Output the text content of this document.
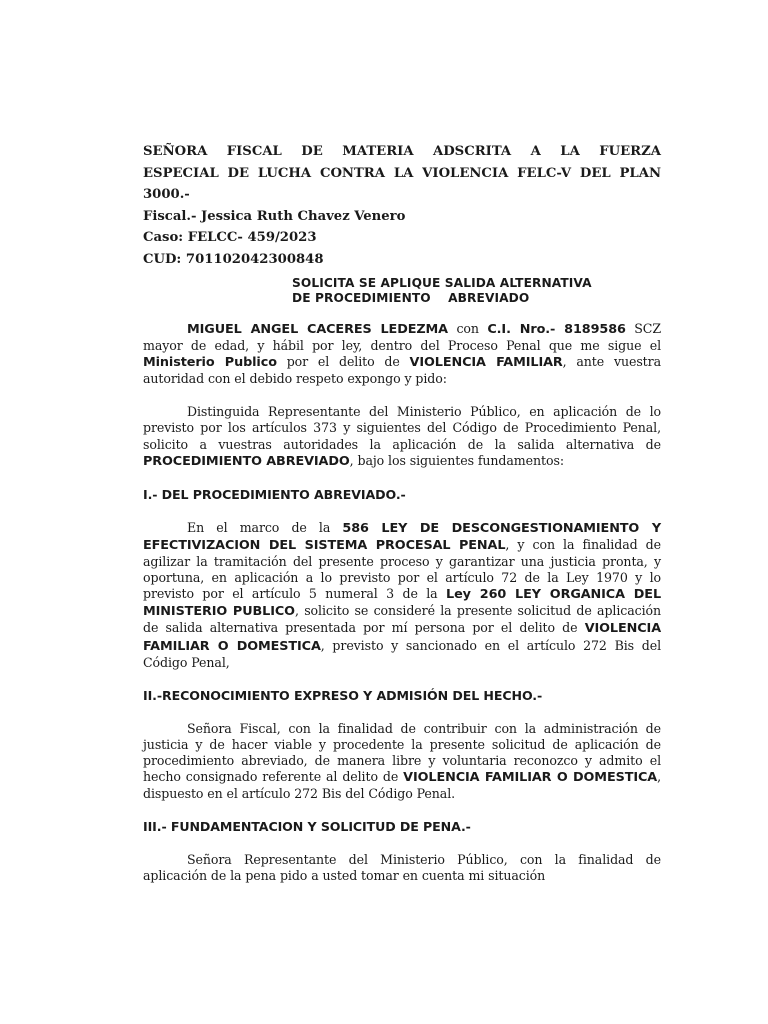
SEÑORA FISCAL DE MATERIA ADSCRITA A LA FUERZA ESPECIAL DE LUCHA CONTRA LA VIOLENCIA FELC-V DEL PLAN 3000.-

Fiscal.- Jessica Ruth Chavez Venero

Caso: FELCC- 459/2023

CUD: 701102042300848

SOLICITA SE APLIQUE SALIDA ALTERNATIVA
DE PROCEDIMIENTO    ABREVIADO

MIGUEL ANGEL CACERES LEDEZMA con C.I. Nro.- 8189586 SCZ mayor de edad, y hábil por ley, dentro del Proceso Penal que me sigue el Ministerio Publico por el delito de VIOLENCIA FAMILIAR, ante vuestra autoridad con el debido respeto expongo y pido:

Distinguida Representante del Ministerio Público, en aplicación de lo previsto por los artículos 373 y siguientes del Código de Procedimiento Penal, solicito a vuestras autoridades la aplicación de la salida alternativa de PROCEDIMIENTO ABREVIADO, bajo los siguientes fundamentos:

I.- DEL PROCEDIMIENTO ABREVIADO.-

En el marco de la 586 LEY DE DESCONGESTIONAMIENTO Y EFECTIVIZACION DEL SISTEMA PROCESAL PENAL, y con la finalidad de agilizar la tramitación del presente proceso y garantizar una justicia pronta, y oportuna, en aplicación a lo previsto por el artículo 72 de la Ley 1970 y lo previsto por el artículo 5 numeral 3 de la Ley 260 LEY ORGANICA DEL MINISTERIO PUBLICO, solicito se consideré la presente solicitud de aplicación de salida alternativa presentada por mí persona por el delito de VIOLENCIA FAMILIAR O DOMESTICA, previsto y sancionado en el artículo 272 Bis del Código Penal,

II.-RECONOCIMIENTO EXPRESO Y ADMISIÓN DEL HECHO.-

Señora Fiscal, con la finalidad de contribuir con la administración de justicia y de hacer viable y procedente la presente solicitud de aplicación de procedimiento abreviado, de manera libre y voluntaria reconozco y admito el hecho consignado referente al delito de VIOLENCIA FAMILIAR O DOMESTICA, dispuesto en el artículo 272 Bis del Código Penal.

III.- FUNDAMENTACION Y SOLICITUD DE PENA.-

Señora Representante del Ministerio Público, con la finalidad de aplicación de la pena pido a usted tomar en cuenta mi situación
